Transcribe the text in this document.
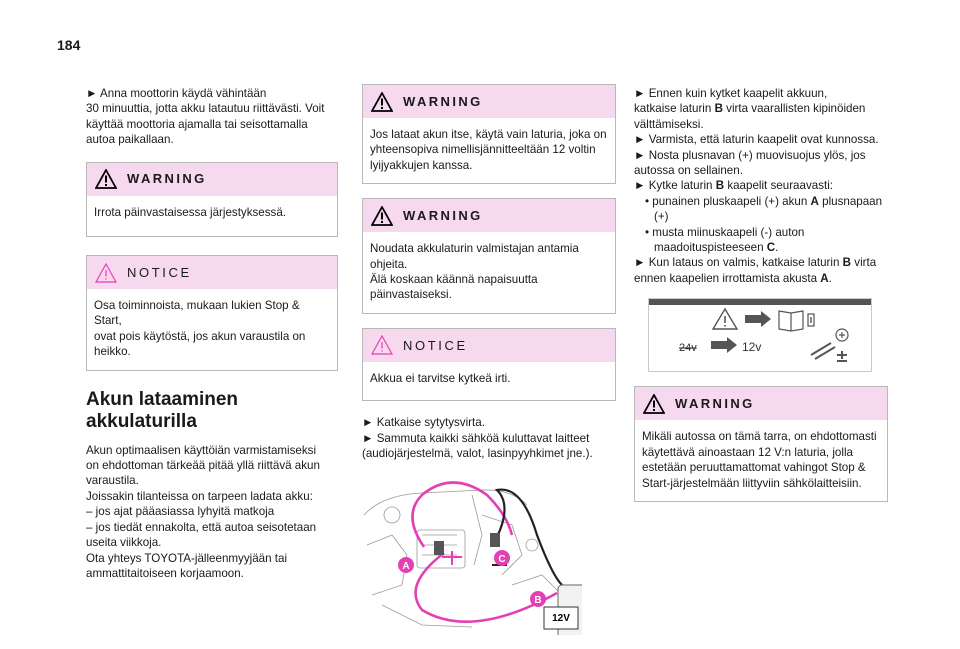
184

► Anna moottorin käydä vähintään
30 minuuttia, jotta akku latautuu riittävästi. Voit
käyttää moottoria ajamalla tai seisottamalla
autoa paikallaan.

WARNING
Irrota päinvastaisessa järjestyksessä.
NOTICE
Osa toiminnoista, mukaan lukien Stop & Start,
ovat pois käytöstä, jos akun varaustila on
heikko.
Akun lataaminen
akkulaturilla

Akun optimaalisen käyttöiän varmistamiseksi
on ehdottoman tärkeää pitää yllä riittävä akun
varaustila.
Joissakin tilanteissa on tarpeen ladata akku:
– jos ajat pääasiassa lyhyitä matkoja
– jos tiedät ennakolta, että autoa seisotetaan
useita viikkoja.
Ota yhteys TOYOTA-jälleenmyyjään tai
ammattitaitoiseen korjaamoon.

WARNING
Jos lataat akun itse, käytä vain laturia, joka on
yhteensopiva nimellisjännitteeltään 12 voltin
lyijyakkujen kanssa.
WARNING
Noudata akkulaturin valmistajan antamia
ohjeita.
Älä koskaan käännä napaisuutta
päinvastaiseksi.
NOTICE
Akkua ei tarvitse kytkeä irti.

► Katkaise sytytysvirta.
► Sammuta kaikki sähköä kuluttavat laitteet
(audiojärjestelmä, valot, lasinpyyhkimet jne.).

A
C
B
12V

► Ennen kuin kytket kaapelit akkuun,
katkaise laturin B virta vaarallisten kipinöiden
välttämiseksi.
► Varmista, että laturin kaapelit ovat kunnossa.
► Nosta plusnavan (+) muovisuojus ylös, jos
autossa on sellainen.
► Kytke laturin B kaapelit seuraavasti:

• punainen pluskaapeli (+) akun A plusnapaan (+)
• musta miinuskaapeli (-) auton maadoituspisteeseen C.

► Kun lataus on valmis, katkaise laturin B virta
ennen kaapelien irrottamista akusta A.

24v	12v
WARNING
Mikäli autossa on tämä tarra, on ehdottomasti
käytettävä ainoastaan 12 V:n laturia, jolla
estetään peruuttamattomat vahingot Stop &
Start-järjestelmään liittyviin sähkölaitteisiin.
